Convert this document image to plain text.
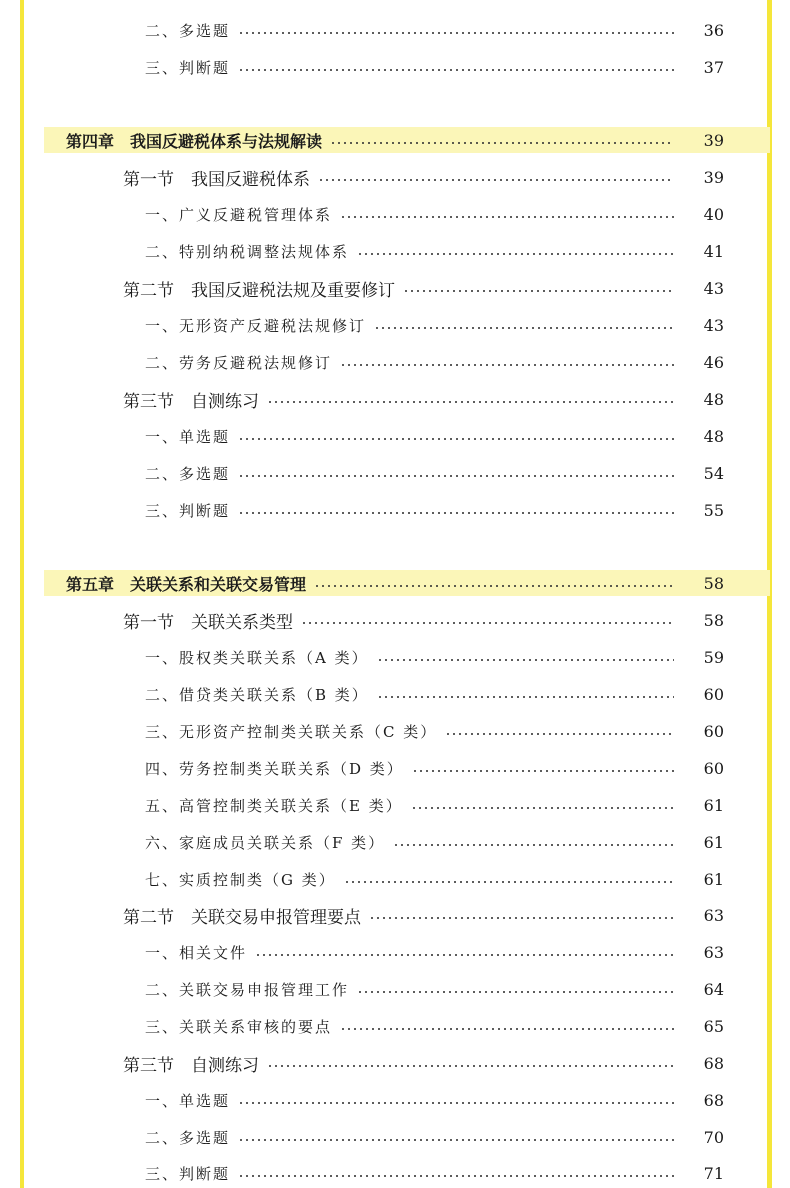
二、多选题	36
三、判断题	37
第四章　我国反避税体系与法规解读	39
第一节　我国反避税体系	39
一、广义反避税管理体系	40
二、特别纳税调整法规体系	41
第二节　我国反避税法规及重要修订	43
一、无形资产反避税法规修订	43
二、劳务反避税法规修订	46
第三节　自测练习	48
一、单选题	48
二、多选题	54
三、判断题	55
第五章　关联关系和关联交易管理	58
第一节　关联关系类型	58
一、股权类关联关系（A 类）	59
二、借贷类关联关系（B 类）	60
三、无形资产控制类关联关系（C 类）	60
四、劳务控制类关联关系（D 类）	60
五、高管控制类关联关系（E 类）	61
六、家庭成员关联关系（F 类）	61
七、实质控制类（G 类）	61
第二节　关联交易申报管理要点	63
一、相关文件	63
二、关联交易申报管理工作	64
三、关联关系审核的要点	65
第三节　自测练习	68
一、单选题	68
二、多选题	70
三、判断题	71
